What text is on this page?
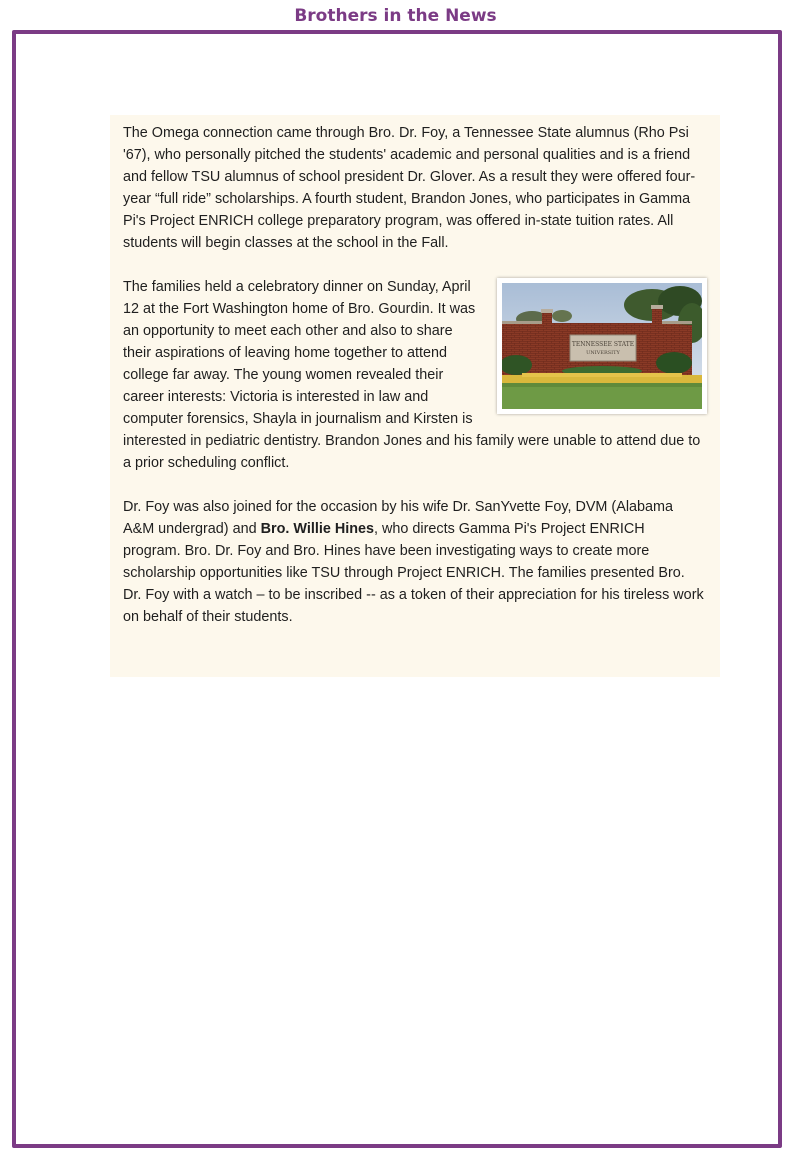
Brothers in the News

The Omega connection came through Bro. Dr. Foy, a Tennessee State alumnus (Rho Psi '67), who personally pitched the students' academic and personal qualities and is a friend and fellow TSU alumnus of school president Dr. Glover. As a result they were offered four-year “full ride” scholarships. A fourth student, Brandon Jones, who participates in Gamma Pi's Project ENRICH college preparatory program, was offered in-state tuition rates. All students will begin classes at the school in the Fall.

TENNESSEE STATE
UNIVERSITY

The families held a celebratory dinner on Sunday, April 12 at the Fort Washington home of Bro. Gourdin. It was an opportunity to meet each other and also to share their aspirations of leaving home together to attend college far away. The young women revealed their career interests: Victoria is interested in law and computer forensics, Shayla in journalism and Kirsten is interested in pediatric dentistry. Brandon Jones and his family were unable to attend due to a prior scheduling conflict.

Dr. Foy was also joined for the occasion by his wife Dr. SanYvette Foy, DVM (Alabama A&M undergrad) and Bro. Willie Hines, who directs Gamma Pi's Project ENRICH program. Bro. Dr. Foy and Bro. Hines have been investigating ways to create more scholarship opportunities like TSU through Project ENRICH. The families presented Bro. Dr. Foy with a watch – to be inscribed -- as a token of their appreciation for his tireless work on behalf of their students.
